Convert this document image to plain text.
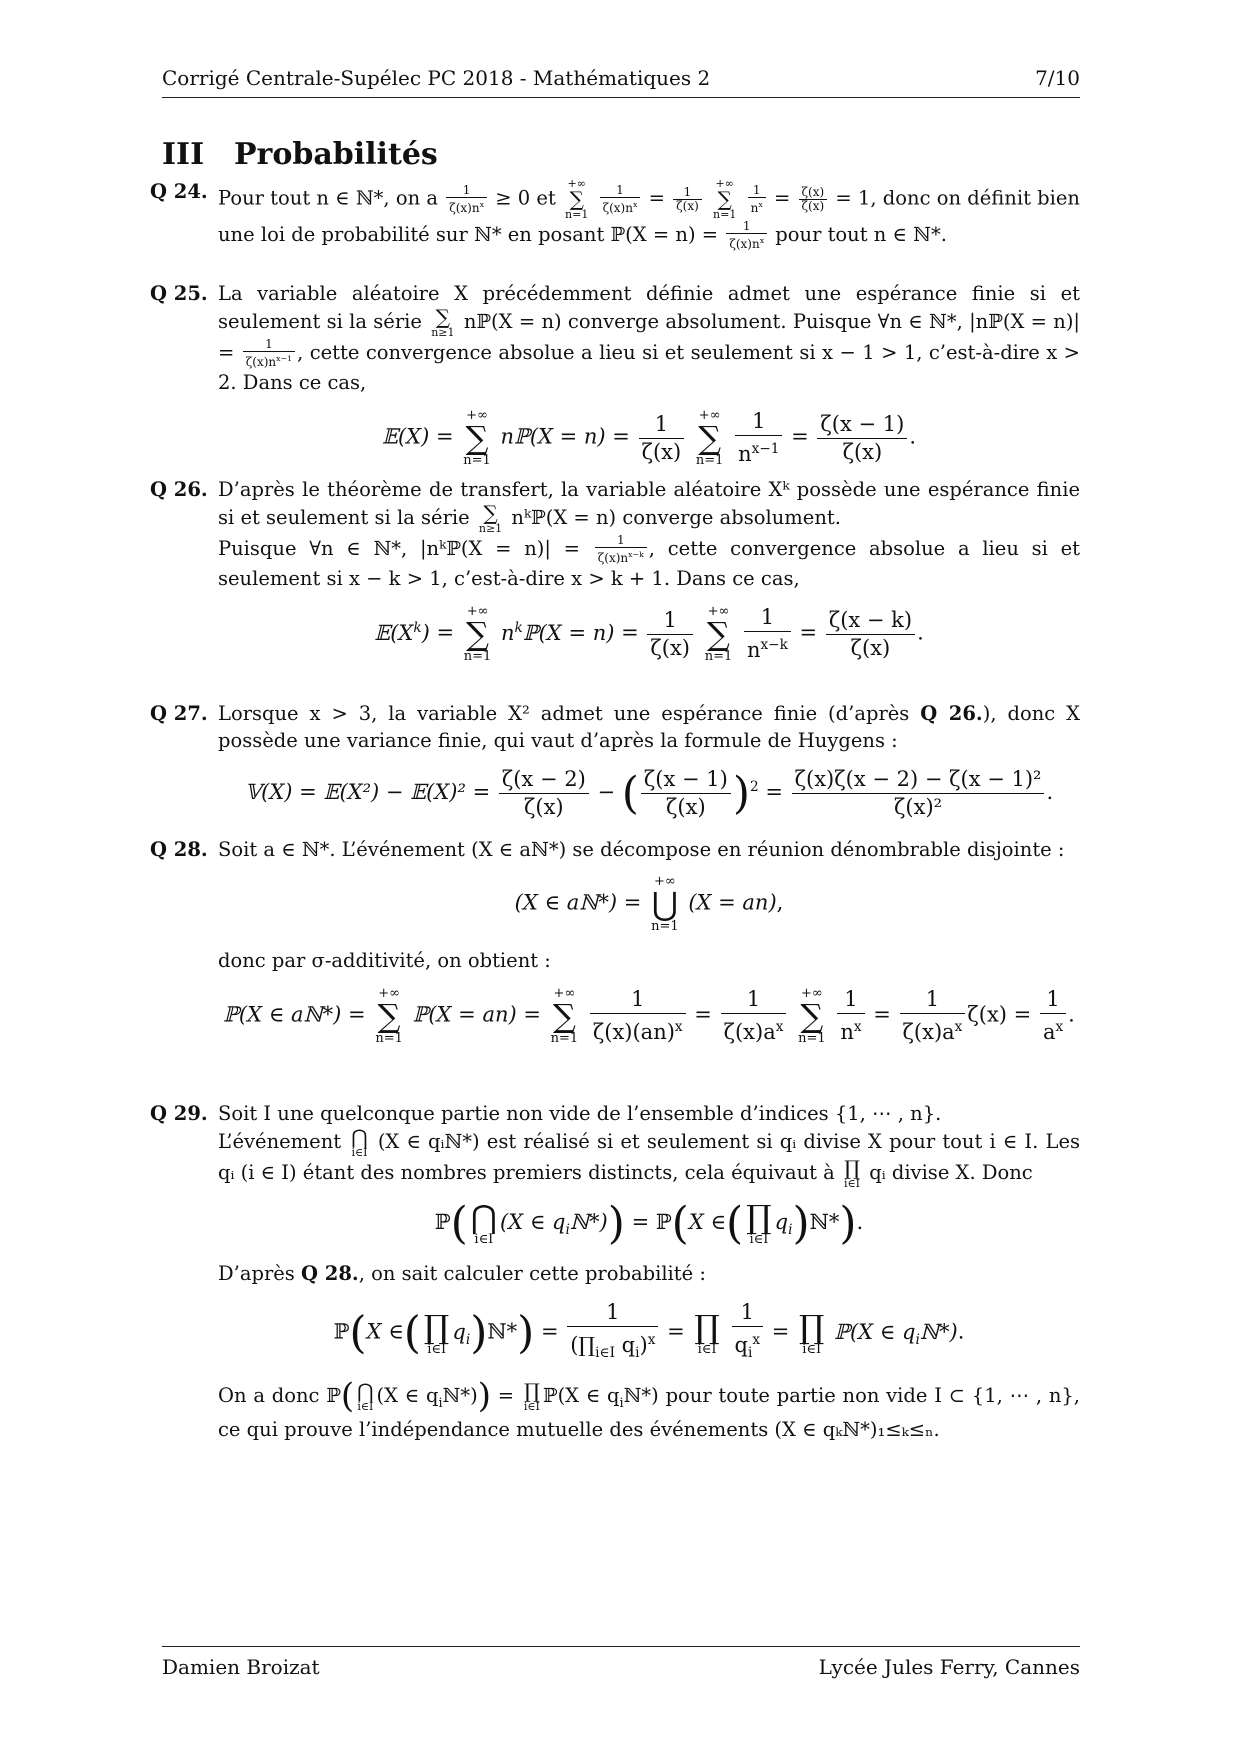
Corrigé Centrale-Supélec PC 2018 - Mathématiques 2	7/10
III Probabilités
Q 24. Pour tout n ∈ ℕ*, on a $\frac{1}{\zeta(x)n^x} \ge 0$ et
+∞
∑
n=1
$\frac{1}{\zeta(x)n^x} = \frac{1}{\zeta(x)}$

+∞
∑
n=1
$\frac{1}{n^x} = \frac{\zeta(x)}{\zeta(x)} = 1$, donc on définit bien une loi de probabilité sur ℕ* en posant ℙ(X = $n) = \frac{1}{\zeta(x)n^x}$ pour tout n ∈ ℕ*.
Q 25. La variable aléatoire X précédemment définie admet une espérance finie si et seulement si la série ∑
n≥1 nℙ(X = n) converge absolument. Puisque ∀n ∈ ℕ*, |nℙ(X = $n)| = \frac{1}{\zeta(x)n^{x-1}}$ , cette convergence absolue a lieu si et seulement si x − 1 > 1, c’est-à-dire x > 2. Dans ce cas,
𝔼(X) =
+∞
∑
n=1
nℙ(X = $n) = \frac{1}{\zeta(x)}$
+∞
∑
n=1
$\frac{1}{n^{x-1}} = \frac{\zeta(x - 1)}{\zeta(x)}$ .
Q 26. D’après le théorème de transfert, la variable aléatoire Xᵏ possède une espérance finie si et seulement si la série ∑
n≥1 nᵏℙ(X = n) converge absolument.
Puisque ∀n ∈ ℕ*, |nᵏℙ(X = $n)| = \frac{1}{\zeta(x)n^{x-k}}$ , cette convergence absolue a lieu si et seulement si x − k > 1, c’est-à-dire x > k + 1. Dans ce cas,
$𝔼(X^k)$ =
+∞
∑
n=1
$n^kℙ(X = n) = \frac{1}{\zeta(x)}$
+∞
∑
n=1
$\frac{1}{n^{x-k}} = \frac{\zeta(x - k)}{\zeta(x)}$ .
Q 27. Lorsque x > 3, la variable X² admet une espérance finie (d’après Q 26.), donc X possède une variance finie, qui vaut d’après la formule de Huygens :
𝕍(X) = 𝔼(X²) − 𝔼(X)² = $\frac{\zeta(x - 2)}{\zeta(x)}$ − ( $\frac{\zeta(x - 1)}{\zeta(x)} )^2 = \frac{\text{ζ(x)ζ(x − 2) − ζ(x − 1)²}}{\text{ζ(x)²}}$ .
Q 28. Soit a ∈ ℕ*. L’événement (X ∈ aℕ*) se décompose en réunion dénombrable disjointe :
(X ∈ aℕ*) =
+∞
⋃
n=1
(X = an),
donc par σ-additivité, on obtient :
ℙ(X ∈ aℕ*) =
+∞
∑
n=1
ℙ(X = an) =
+∞
∑
n=1
$\frac{1}{\zeta(x)(an)^x} = \frac{1}{\zeta(x)a^x}$
+∞
∑
n=1
$\frac{1}{n^x} = \frac{1}{\zeta(x)a^x} \zeta(x) = \frac{1}{a^x}$ .
Q 29. Soit I une quelconque partie non vide de l’ensemble d’indices {1, ⋯ , n}.
L’événement ⋂
i∈I (X ∈ qᵢℕ*) est réalisé si et seulement si qᵢ divise X pour tout i ∈ I. Les qᵢ (i ∈ I) étant des nombres premiers distincts, cela équivaut à ∏
i∈I qᵢ divise X. Donc
ℙ( ⋂
i∈I
(X ∈ $q_iℕ*$)) = ℙ(X ∈( ∏
i∈I
$q_i)ℕ*$).
D’après Q 28., on sait calculer cette probabilité :
ℙ(X ∈( ∏
i∈I
$q_i)ℕ*) = \frac{1}{(\prod_{i\in I} q_i)^x}$ = ∏
i∈I
$\frac{1}{q_i^x}$ = ∏
i∈I
ℙ(X ∈ $q_iℕ*$).
On a donc ℙ( ⋂
i∈I (X ∈ $q_iℕ*$)) = ∏
i∈I ℙ(X ∈ $q_iℕ*$) pour toute partie non vide I ⊂ {1, ⋯ , n}, ce qui prouve l’indépendance mutuelle des événements (X ∈ qₖℕ*)₁≤ₖ≤ₙ.
Damien Broizat	Lycée Jules Ferry, Cannes
